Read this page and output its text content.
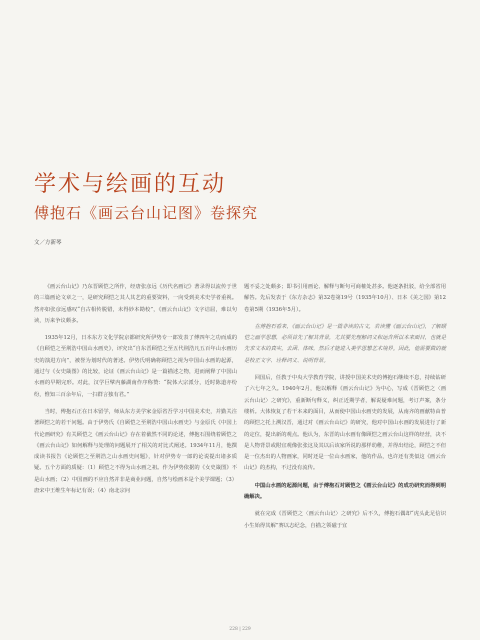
学术与绘画的互动
傅抱石《画云台山记图》卷探究
文／方新琴

《画云台山记》乃东晋顾恺之所作，经唐张彦远《历代名画记》著录得以流传于世的三篇画论文章之一，是研究顾恺之其人其艺的重要资料，一向受到美术史学者重视。然亦如张彦远感叹“自古相传脱错，未得妙本勘校”，《画云台山记》文字诘屈，难以句读，历来争议颇多。

1935年12月，日本东方文化学院京都研究所伊势专一郎发表了傅四年之功而成的《自顾恺之至荆浩中国山水画史》，评究出“自东晋顾恺之至五代荆浩凡五百年山水画历史的演进方向”，被誉为划时代的著述。伊势氏明确将顾恺之视为中国山水画的起源，通过与《女史箴图》的比较，论证《画云台山记》是一篇描述之物，进而阐释了中国山水画的早期完形。对此，汉学巨擘内藤湖南作序称赞：“院体大宗派分，近时陈道亦纷纷，惟知三百余年后，一扫群言独有君。”

当时，傅抱石正在日本留学，师从东方美学家金原省吾学习中国美术史，并勤关注著顾恺之的若干问题。由于伊势氏《自顾恺之至荆浩中国山水画史》与金原氏《中国上代论画研究》有关顾恺之《画云台山记》存在着截然不同的论述，傅抱石围绕着顾恺之《画云台山记》如何解释与处理的问题展开了相关的对比式阐述。1934年11月，他撰成读书报告《论顾恺之至荆浩之山水画史问题》，针对伊势专一郎的论说提出诸多质疑。五个方面的质疑：（1）顾恺之不得为山水画之祖。作为伊势依据的《女史箴图》不是山水画；（2）中国画的不应自然并非是商业问题，自然与绘画本是个美学课题；（3）唐宋中王维生年标记有误；（4）南北宗问

题不妥之处颇多；即书引用画论、解释与断句可商榷处甚多。他逐条批驳，给全部省用解答。先后发表于《东方杂志》第32卷第19号（1935年10月）、日本《美之国》第12卷第5期（1936年5月）。

在傅抱石看来，《画云台山记》是一篇非读的古文，若读懂《画云台山记》，了解顾恺之画学思想，必须首先了解其背景，尤其要先理解词义和运含所以本来面目，也就是先求文本的真实。去函、体味，然后才能进入美学思想艺术境界。因此，他需要做的就是校正文字、诠释词义、说明背景。

回国后，任教于中央大学教育学院，讲授中国美术史的傅抱石继续不息，持续钻研了六七年之久。1940年2月，他以解释《画云台山记》为中心，写成《晋顾恺之〈画云台山记〉之研究》，重新断句释义，纠正近期学者，解说疑难问题，考订声案，条分缕析。大体恢复了若干本来的面目，从而使中国山水画史的发展，从南齐的画献特由普的顾恺之托上溯汉晋，通过对《画云台山记》的研究，他对中国山水画的发展进行了新的定位，提出新的观点。他认为，东晋的山水画有像顾恺之画云台山这样的经营，决不是人物背景或附宜观像张张这及其以后该家所说的那样幼稚，并得出结论，顾恺之不但是一位杰出的人物画家，同时还是一位山水画家，他的作品，也许还有类似这《画云台山记》的杰构，不过没有流传。

中国山水画的起源问题，由于傅抱石对顾恺之《画云台山记》的成功研究而得到明确解决。

就在完成《晋顾恺之〈画云台山记〉之研究》后不久，傅抱石偶却“虎头此足信识小生始得其解”赛以志纪念，自描之领磁于宜

228 | 229
